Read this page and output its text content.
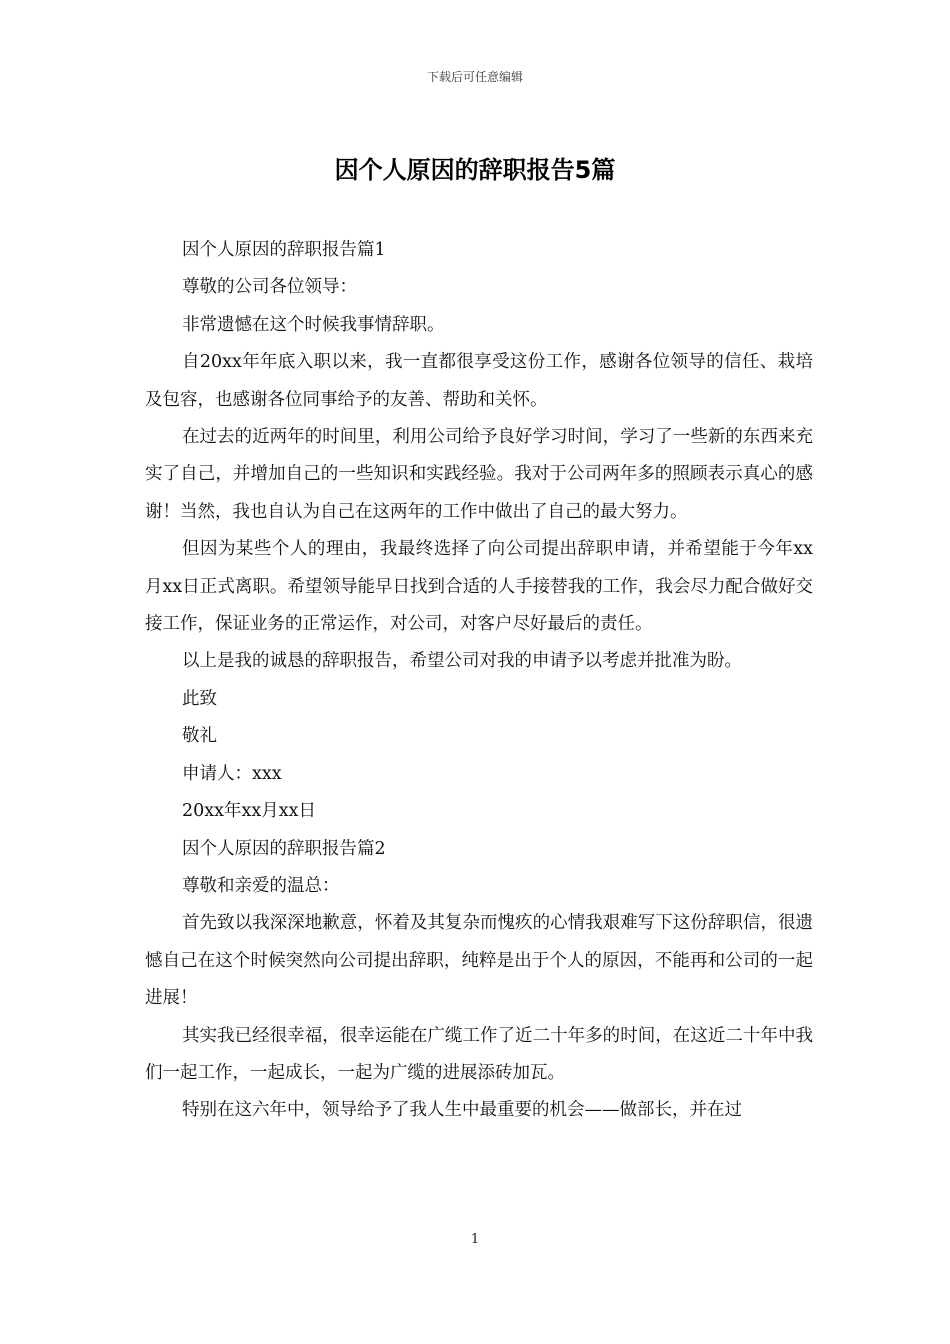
下载后可任意编辑
因个人原因的辞职报告5篇

因个人原因的辞职报告篇1

尊敬的公司各位领导：

非常遗憾在这个时候我事情辞职。

自20xx年年底入职以来，我一直都很享受这份工作，感谢各位领导的信任、栽培及包容，也感谢各位同事给予的友善、帮助和关怀。

在过去的近两年的时间里，利用公司给予良好学习时间，学习了一些新的东西来充实了自己，并增加自己的一些知识和实践经验。我对于公司两年多的照顾表示真心的感谢！当然，我也自认为自己在这两年的工作中做出了自己的最大努力。

但因为某些个人的理由，我最终选择了向公司提出辞职申请，并希望能于今年xx月xx日正式离职。希望领导能早日找到合适的人手接替我的工作，我会尽力配合做好交接工作，保证业务的正常运作，对公司，对客户尽好最后的责任。

以上是我的诚恳的辞职报告，希望公司对我的申请予以考虑并批准为盼。

此致

敬礼

申请人：xxx

20xx年xx月xx日

因个人原因的辞职报告篇2

尊敬和亲爱的温总：

首先致以我深深地歉意，怀着及其复杂而愧疚的心情我艰难写下这份辞职信，很遗憾自己在这个时候突然向公司提出辞职，纯粹是出于个人的原因，不能再和公司的一起进展！

其实我已经很幸福，很幸运能在广缆工作了近二十年多的时间，在这近二十年中我们一起工作，一起成长，一起为广缆的进展添砖加瓦。

特别在这六年中，领导给予了我人生中最重要的机会——做部长，并在过

1
